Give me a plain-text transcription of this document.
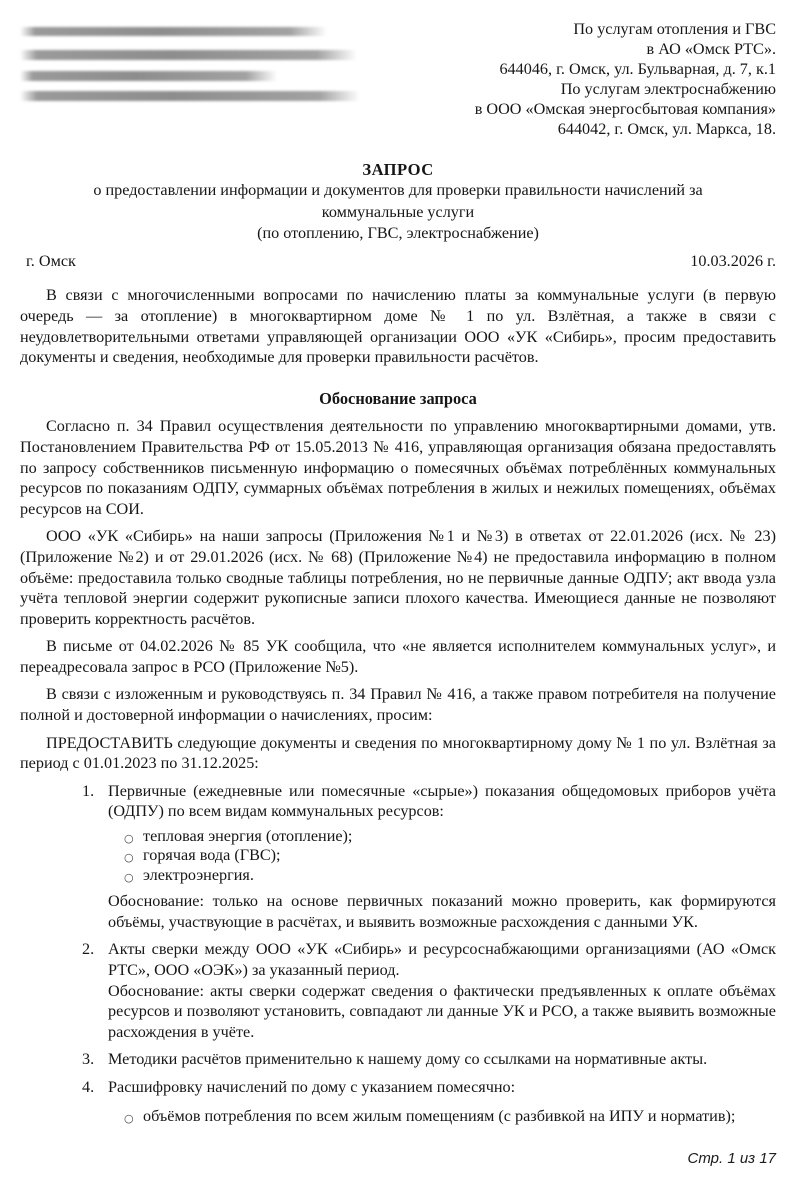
По услугам отопления и ГВС
в АО «Омск РТС».
644046, г. Омск, ул. Бульварная, д. 7, к.1
По услугам электроснабжению
в ООО «Омская энергосбытовая компания»
644042, г. Омск, ул. Маркса, 18.
ЗАПРОС
о предоставлении информации и документов для проверки правильности начислений за коммунальные услуги
(по отоплению, ГВС, электроснабжение)
г. Омск	10.03.2026 г.

В связи с многочисленными вопросами по начислению платы за коммунальные услуги (в первую очередь — за отопление) в многоквартирном доме № 1 по ул. Взлётная, а также в связи с неудовлетворительными ответами управляющей организации ООО «УК «Сибирь», просим предоставить документы и сведения, необходимые для проверки правильности расчётов.

Обоснование запроса

Согласно п. 34 Правил осуществления деятельности по управлению многоквартирными домами, утв. Постановлением Правительства РФ от 15.05.2013 № 416, управляющая организация обязана предоставлять по запросу собственников письменную информацию о помесячных объёмах потреблённых коммунальных ресурсов по показаниям ОДПУ, суммарных объёмах потребления в жилых и нежилых помещениях, объёмах ресурсов на СОИ.

ООО «УК «Сибирь» на наши запросы (Приложения №1 и №3) в ответах от 22.01.2026 (исх. № 23) (Приложение №2) и от 29.01.2026 (исх. № 68) (Приложение №4) не предоставила информацию в полном объёме: предоставила только сводные таблицы потребления, но не первичные данные ОДПУ; акт ввода узла учёта тепловой энергии содержит рукописные записи плохого качества. Имеющиеся данные не позволяют проверить корректность расчётов.

В письме от 04.02.2026 № 85 УК сообщила, что «не является исполнителем коммунальных услуг», и переадресовала запрос в РСО (Приложение №5).

В связи с изложенным и руководствуясь п. 34 Правил № 416, а также правом потребителя на получение полной и достоверной информации о начислениях, просим:

ПРЕДОСТАВИТЬ следующие документы и сведения по многоквартирному дому № 1 по ул. Взлётная за период с 01.01.2023 по 31.12.2025:

1. Первичные (ежедневные или помесячные «сырые») показания общедомовых приборов учёта (ОДПУ) по всем видам коммунальных ресурсов:
○ тепловая энергия (отопление);
○ горячая вода (ГВС);
○ электроэнергия.
Обоснование: только на основе первичных показаний можно проверить, как формируются объёмы, участвующие в расчётах, и выявить возможные расхождения с данными УК.
2. Акты сверки между ООО «УК «Сибирь» и ресурсоснабжающими организациями (АО «Омск РТС», ООО «ОЭК») за указанный период.
Обоснование: акты сверки содержат сведения о фактически предъявленных к оплате объёмах ресурсов и позволяют установить, совпадают ли данные УК и РСО, а также выявить возможные расхождения в учёте.
3. Методики расчётов применительно к нашему дому со ссылками на нормативные акты.
4. Расшифровку начислений по дому с указанием помесячно:
○ объёмов потребления по всем жилым помещениям (с разбивкой на ИПУ и норматив);
Стр. 1 из 17
